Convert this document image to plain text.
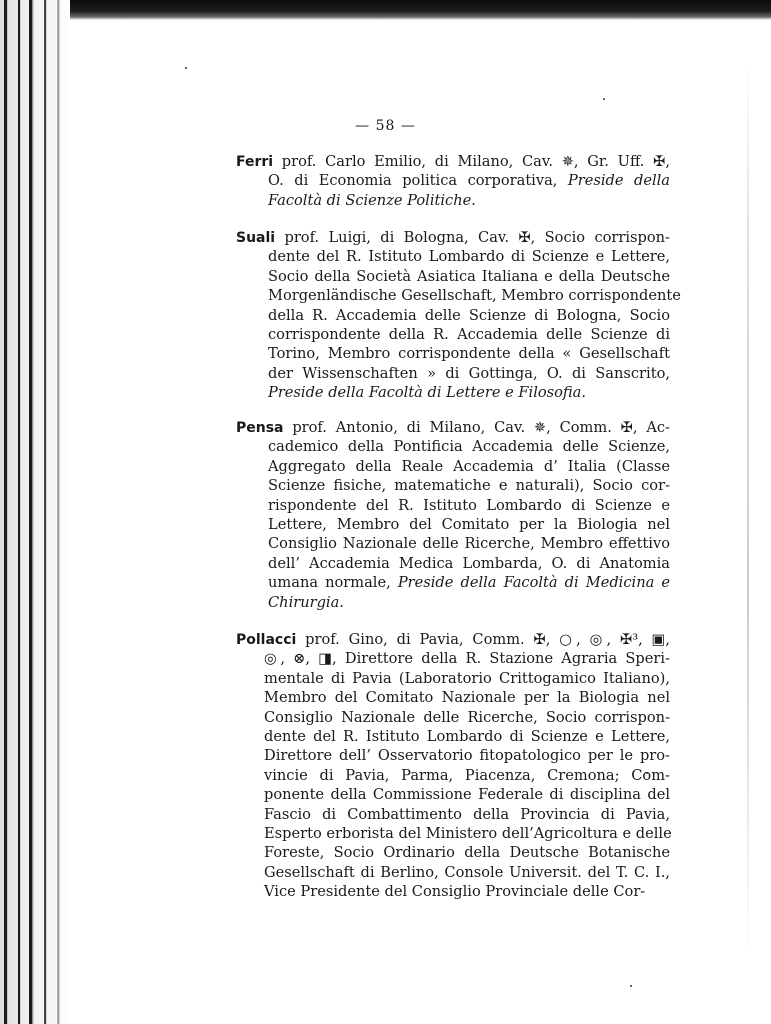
— 58 —
Ferri prof. Carlo Emilio, di Milano, Cav. ✵, Gr. Uff. ✠,
O. di Economia politica corporativa, Preside della
Facoltà di Scienze Politiche.
Suali prof. Luigi, di Bologna, Cav. ✠, Socio corrispon-
dente del R. Istituto Lombardo di Scienze e Lettere,
Socio della Società Asiatica Italiana e della Deutsche
Morgenländische Gesellschaft, Membro corrispondente
della R. Accademia delle Scienze di Bologna, Socio
corrispondente della R. Accademia delle Scienze di
Torino, Membro corrispondente della « Gesellschaft
der Wissenschaften » di Gottinga, O. di Sanscrito,
Preside della Facoltà di Lettere e Filosofia.
Pensa prof. Antonio, di Milano, Cav. ✵, Comm. ✠, Ac-
cademico della Pontificia Accademia delle Scienze,
Aggregato della Reale Accademia d’ Italia (Classe
Scienze fisiche, matematiche e naturali), Socio cor-
rispondente del R. Istituto Lombardo di Scienze e
Lettere, Membro del Comitato per la Biologia nel
Consiglio Nazionale delle Ricerche, Membro effettivo
dell’ Accademia Medica Lombarda, O. di Anatomia
umana normale, Preside della Facoltà di Medicina e
Chirurgia.
Pollacci prof. Gino, di Pavia, Comm. ✠, ○, ◎, ✠³, ▣,
◎, ⊗, ◨, Direttore della R. Stazione Agraria Speri-
mentale di Pavia (Laboratorio Crittogamico Italiano),
Membro del Comitato Nazionale per la Biologia nel
Consiglio Nazionale delle Ricerche, Socio corrispon-
dente del R. Istituto Lombardo di Scienze e Lettere,
Direttore dell’ Osservatorio fitopatologico per le pro-
vincie di Pavia, Parma, Piacenza, Cremona; Com-
ponente della Commissione Federale di disciplina del
Fascio di Combattimento della Provincia di Pavia,
Esperto erborista del Ministero dell’Agricoltura e delle
Foreste, Socio Ordinario della Deutsche Botanische
Gesellschaft di Berlino, Console Universit. del T. C. I.,
Vice Presidente del Consiglio Provinciale delle Cor-
